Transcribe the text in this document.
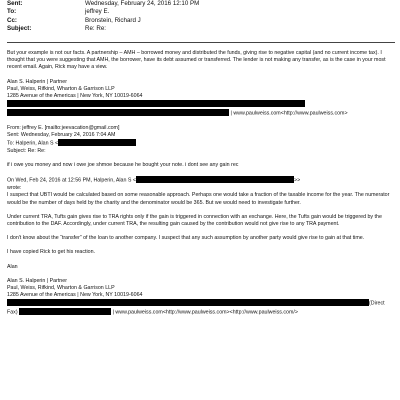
Sent:	Wednesday, February 24, 2016 12:10 PM
To:	jeffrey E.
Cc:	Bronstein, Richard J
Subject:	Re: Re:

But your example is not our facts. A partnership – AMH – borrowed money and distributed the funds, giving rise to negative capital (and no current income tax). I thought that you were suggesting that AMH, the borrower, have its debt assumed or transferred. The lender is not making any transfer, as is the case in your most recent email. Again, Rick may have a view.

Alan S. Halperin | Partner

Paul, Weiss, Rifkind, Wharton & Garrison LLP

1285 Avenue of the Americas | New York, NY 10019-6064

| www.paulweiss.com<http://www.paulweiss.com>

From: jeffrey E. [mailto:jeevacation@gmail.com]

Sent: Wednesday, February 24, 2016 7:04 AM

To: Halperin, Alan S <

Subject: Re: Re:

if i owe you money and now i owe joe shmoe because he bought your note. i dont see any gain rec

On Wed, Feb 24, 2016 at 12:56 PM, Halperin, Alan S <	>>

wrote:

I suspect that UBTI would be calculated based on some reasonable approach. Perhaps one would take a fraction of the taxable income for the year. The numerator would be the number of days held by the charity and the denominator would be 365. But we would need to investigate further.

Under current TRA, Tufts gain gives rise to TRA rights only if the gain is triggered in connection with an exchange. Here, the Tufts gain would be triggered by the contribution to the DAF. Accordingly, under current TRA, the resulting gain caused by the contribution would not give rise to any TRA payment.

I don't know about the “transfer” of the loan to another company. I suspect that any such assumption by another party would give rise to gain at that time.

I have copied Rick to get his reaction.

Alan

Alan S. Halperin | Partner

Paul, Weiss, Rifkind, Wharton & Garrison LLP

1285 Avenue of the Americas | New York, NY 10019-6064

(Direct

Fax)	| www.paulweiss.com<http://www.paulweiss.com><http://www.paulweiss.com/>
